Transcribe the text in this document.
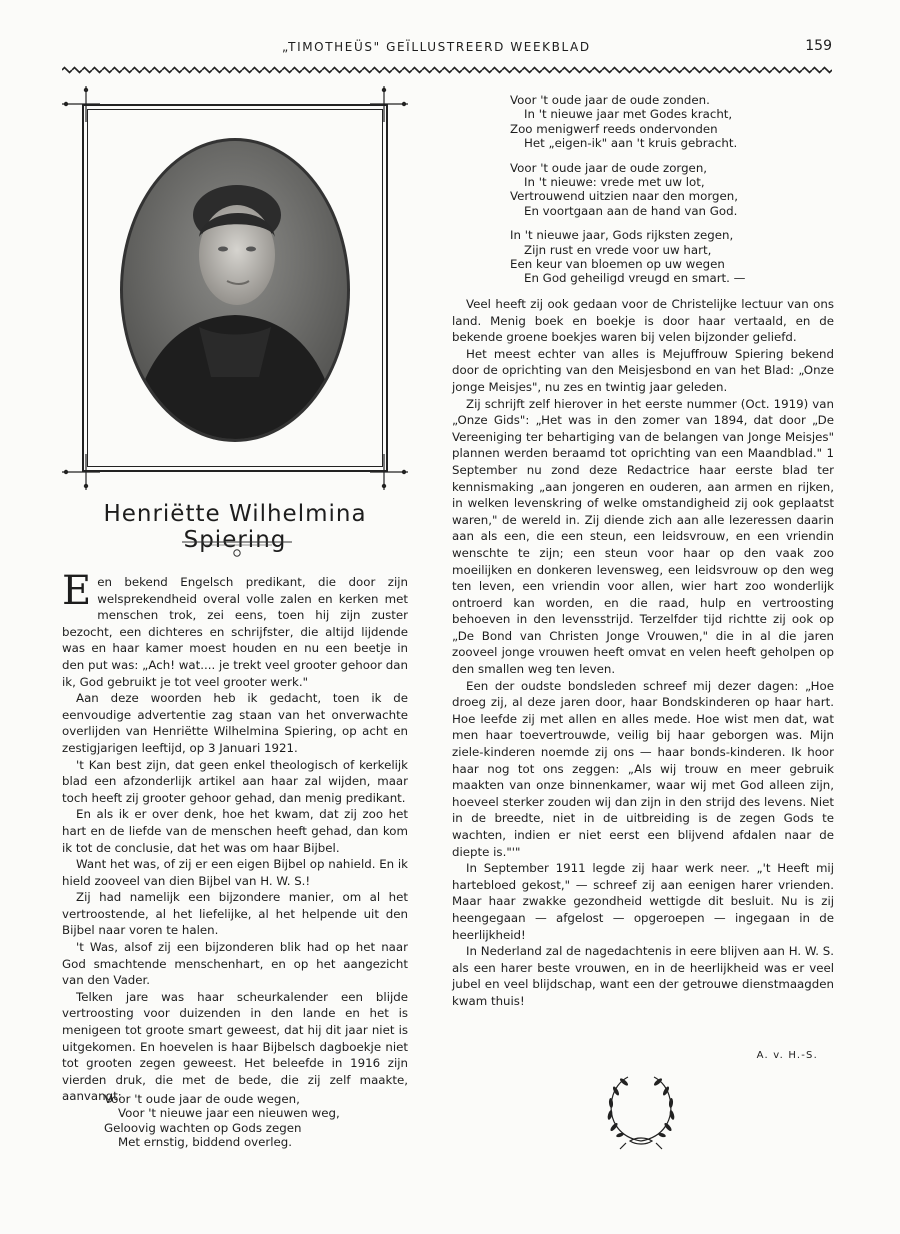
„TIMOTHEÜS" GEÏLLUSTREERD WEEKBLAD	159
Henriëtte Wilhelmina Spiering
E en bekend Engelsch predikant, die door zijn welsprekendheid overal volle zalen en kerken met menschen trok, zei eens, toen hij zijn zuster bezocht, een dichteres en schrijfster, die altijd lijdende was en haar kamer moest houden en nu een beetje in den put was: „Ach! wat.... je trekt veel grooter gehoor dan ik, God gebruikt je tot veel grooter werk."

Aan deze woorden heb ik gedacht, toen ik de eenvoudige advertentie zag staan van het onverwachte overlijden van Henriëtte Wilhelmina Spiering, op acht en zestigjarigen leeftijd, op 3 Januari 1921.

't Kan best zijn, dat geen enkel theologisch of kerkelijk blad een afzonderlijk artikel aan haar zal wijden, maar toch heeft zij grooter gehoor gehad, dan menig predikant.

En als ik er over denk, hoe het kwam, dat zij zoo het hart en de liefde van de menschen heeft gehad, dan kom ik tot de conclusie, dat het was om haar Bijbel.

Want het was, of zij er een eigen Bijbel op nahield. En ik hield zooveel van dien Bijbel van H. W. S.!

Zij had namelijk een bijzondere manier, om al het vertroostende, al het liefelijke, al het helpende uit den Bijbel naar voren te halen.

't Was, alsof zij een bijzonderen blik had op het naar God smachtende menschenhart, en op het aangezicht van den Vader.

Telken jare was haar scheurkalender een blijde vertroosting voor duizenden in den lande en het is menigeen tot groote smart geweest, dat hij dit jaar niet is uitgekomen. En hoevelen is haar Bijbelsch dagboekje niet tot grooten zegen geweest. Het beleefde in 1916 zijn vierden druk, die met de bede, die zij zelf maakte, aanvangt:

Voor 't oude jaar de oude wegen,
Voor 't nieuwe jaar een nieuwen weg,
Geloovig wachten op Gods zegen
Met ernstig, biddend overleg.
Voor 't oude jaar de oude zonden.
In 't nieuwe jaar met Godes kracht,
Zoo menigwerf reeds ondervonden
Het „eigen-ik" aan 't kruis gebracht.
Voor 't oude jaar de oude zorgen,
In 't nieuwe: vrede met uw lot,
Vertrouwend uitzien naar den morgen,
En voortgaan aan de hand van God.
In 't nieuwe jaar, Gods rijksten zegen,
Zijn rust en vrede voor uw hart,
Een keur van bloemen op uw wegen
En God geheiligd vreugd en smart. —

Veel heeft zij ook gedaan voor de Christelijke lectuur van ons land. Menig boek en boekje is door haar vertaald, en de bekende groene boekjes waren bij velen bijzonder geliefd.

Het meest echter van alles is Mejuffrouw Spiering bekend door de oprichting van den Meisjesbond en van het Blad: „Onze jonge Meisjes", nu zes en twintig jaar geleden.

Zij schrijft zelf hierover in het eerste nummer (Oct. 1919) van „Onze Gids": „Het was in den zomer van 1894, dat door „De Vereeniging ter behartiging van de belangen van Jonge Meisjes" plannen werden beraamd tot oprichting van een Maandblad." 1 September nu zond deze Redactrice haar eerste blad ter kennismaking „aan jongeren en ouderen, aan armen en rijken, in welken levenskring of welke omstandigheid zij ook geplaatst waren," de wereld in. Zij diende zich aan alle lezeressen daarin aan als een, die een steun, een leidsvrouw, en een vriendin wenschte te zijn; een steun voor haar op den vaak zoo moeilijken en donkeren levensweg, een leidsvrouw op den weg ten leven, een vriendin voor allen, wier hart zoo wonderlijk ontroerd kan worden, en die raad, hulp en vertroosting behoeven in den levensstrijd. Terzelfder tijd richtte zij ook op „De Bond van Christen Jonge Vrouwen," die in al die jaren zooveel jonge vrouwen heeft omvat en velen heeft geholpen op den smallen weg ten leven.

Een der oudste bondsleden schreef mij dezer dagen: „Hoe droeg zij, al deze jaren door, haar Bondskinderen op haar hart. Hoe leefde zij met allen en alles mede. Hoe wist men dat, wat men haar toevertrouwde, veilig bij haar geborgen was. Mijn ziele-kinderen noemde zij ons — haar bonds-kinderen. Ik hoor haar nog tot ons zeggen: „Als wij trouw en meer gebruik maakten van onze binnenkamer, waar wij met God alleen zijn, hoeveel sterker zouden wij dan zijn in den strijd des levens. Niet in de breedte, niet in de uitbreiding is de zegen Gods te wachten, indien er niet eerst een blijvend afdalen naar de diepte is."'"

In September 1911 legde zij haar werk neer. „'t Heeft mij hartebloed gekost," — schreef zij aan eenigen harer vrienden. Maar haar zwakke gezondheid wettigde dit besluit. Nu is zij heengegaan — afgelost — opgeroepen — ingegaan in de heerlijkheid!

In Nederland zal de nagedachtenis in eere blijven aan H. W. S. als een harer beste vrouwen, en in de heerlijkheid was er veel jubel en veel blijdschap, want een der getrouwe dienstmaagden kwam thuis!

A. v. H.-S.
